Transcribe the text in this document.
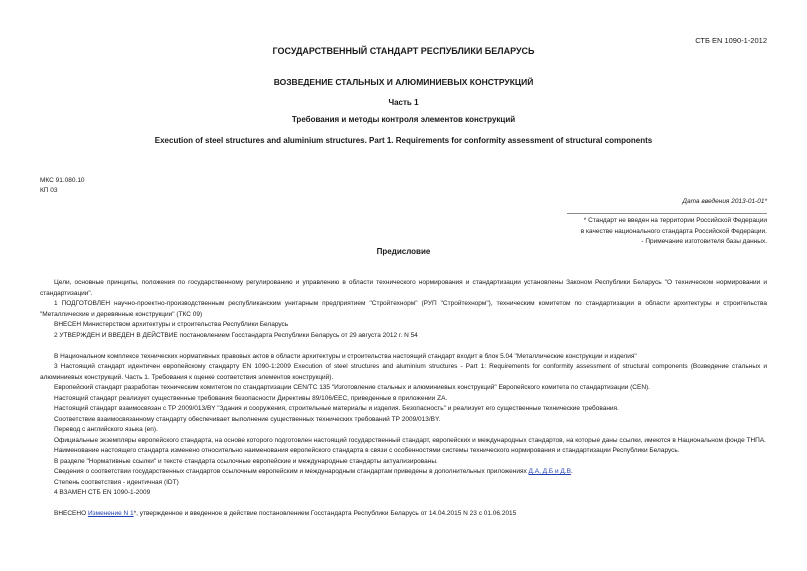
СТБ EN 1090-1-2012
ГОСУДАРСТВЕННЫЙ СТАНДАРТ РЕСПУБЛИКИ БЕЛАРУСЬ
ВОЗВЕДЕНИЕ СТАЛЬНЫХ И АЛЮМИНИЕВЫХ КОНСТРУКЦИЙ
Часть 1
Требования и методы контроля элементов конструкций
Execution of steel structures and aluminium structures. Part 1. Requirements for conformity assessment of structural components
МКС 91.080.10
КП 03
Дата введения 2013-01-01*
* Стандарт не введен на территории Российской Федерации
в качестве национального стандарта Российской Федерации.
- Примечание изготовителя базы данных.
Предисловие

Цели, основные принципы, положения по государственному регулированию и управлению в области технического нормирования и стандартизации установлены Законом Республики Беларусь "О техническом нормировании и стандартизации".

1 ПОДГОТОВЛЕН научно-проектно-производственным республиканским унитарным предприятием "Стройтехнорм" (РУП "Стройтехнорм"), техническим комитетом по стандартизации в области архитектуры и строительства "Металлические и деревянные конструкции" (ТКС 09)

ВНЕСЕН Министерством архитектуры и строительства Республики Беларусь

2 УТВЕРЖДЕН И ВВЕДЕН В ДЕЙСТВИЕ постановлением Госстандарта Республики Беларусь от 29 августа 2012 г. N 54

В Национальном комплексе технических нормативных правовых актов в области архитектуры и строительства настоящий стандарт входит в блок 5.04 "Металлические конструкции и изделия"

3 Настоящий стандарт идентичен европейскому стандарту EN 1090-1:2009 Execution of steel structures and aluminium structures - Part 1: Requirements for conformity assessment of structural components (Возведение стальных и алюминиевых конструкций. Часть 1. Требования к оценке соответствия элементов конструкций).

Европейский стандарт разработан техническим комитетом по стандартизации CEN/TC 135 "Изготовление стальных и алюминиевых конструкций" Европейского комитета по стандартизации (CEN).

Настоящий стандарт реализует существенные требования безопасности Директивы 89/106/ЕЕС, приведенные в приложении ZA.

Настоящий стандарт взаимосвязан с ТР 2009/013/BY "Здания и сооружения, строительные материалы и изделия. Безопасность" и реализует его существенные технические требования.

Соответствие взаимосвязанному стандарту обеспечивает выполнение существенных технических требований ТР 2009/013/BY.

Перевод с английского языка (en).

Официальные экземпляры европейского стандарта, на основе которого подготовлен настоящий государственный стандарт, европейских и международных стандартов, на которые даны ссылки, имеются в Национальном фонде ТНПА.

Наименование настоящего стандарта изменено относительно наименования европейского стандарта в связи с особенностями системы технического нормирования и стандартизации Республики Беларусь.

В разделе "Нормативные ссылки" и тексте стандарта ссылочные европейские и международные стандарты актуализированы.

Сведения о соответствии государственных стандартов ссылочным европейским и международным стандартам приведены в дополнительных приложениях Д.А, Д.Б и Д.В.

Степень соответствия - идентичная (IDT)

4 ВЗАМЕН СТБ EN 1090-1-2009

ВНЕСЕНО Изменение N 1*, утвержденное и введенное в действие постановлением Госстандарта Республики Беларусь от 14.04.2015 N 23 с 01.06.2015
